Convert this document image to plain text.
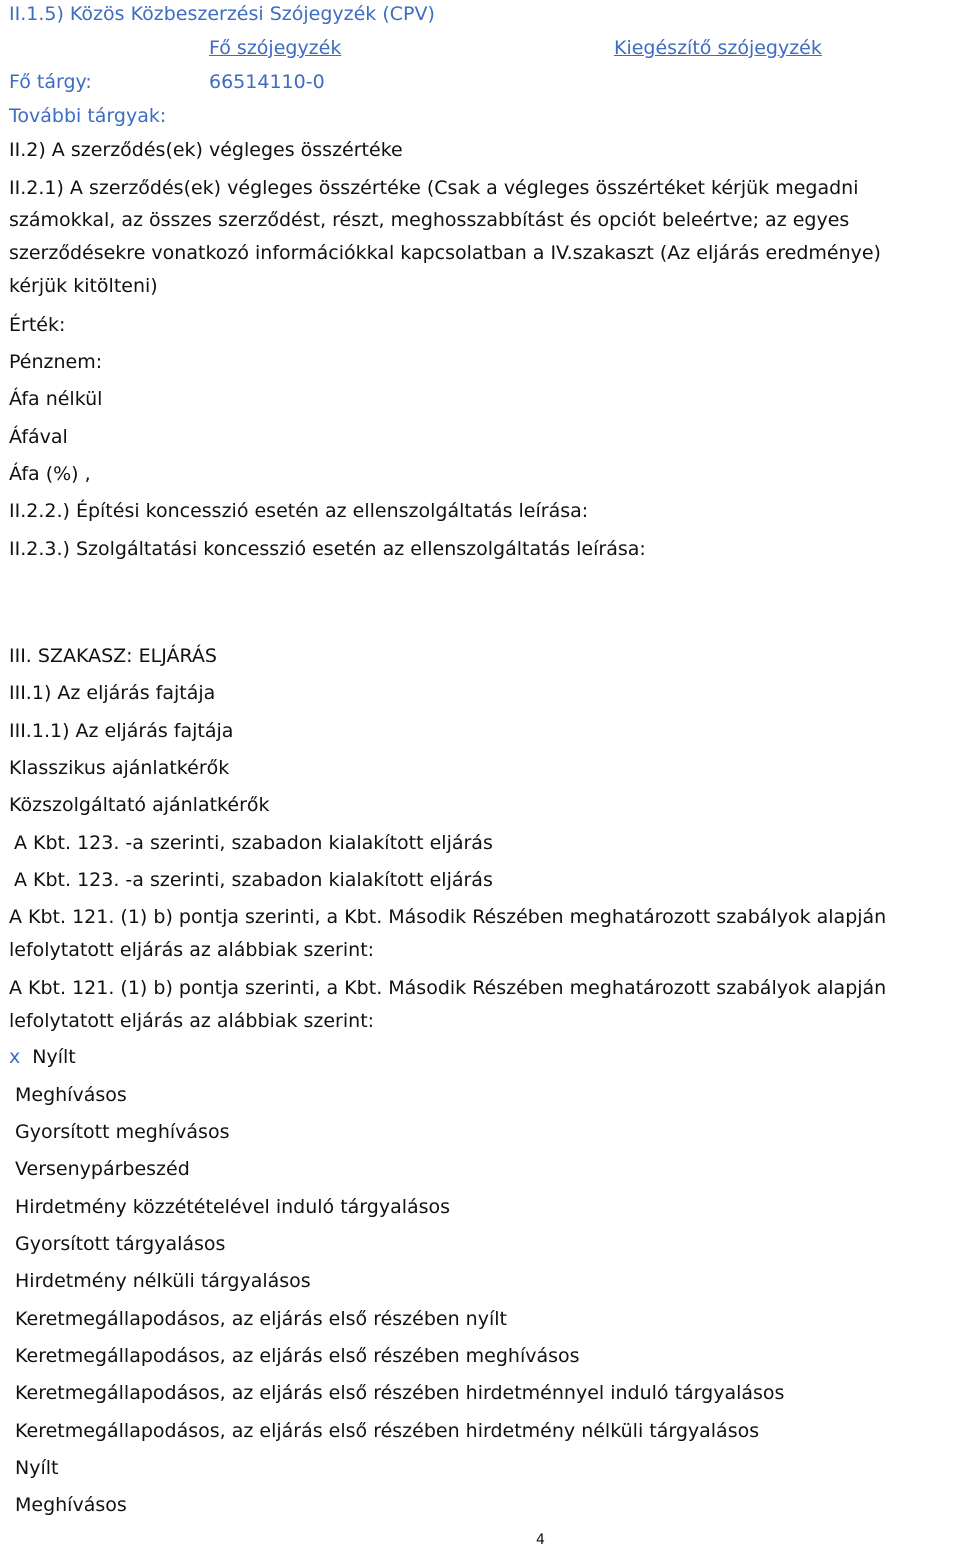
II.1.5) Közös Közbeszerzési Szójegyzék (CPV)
Fő szójegyzék	Kiegészítő szójegyzék
Fő tárgy:	66514110-0
További tárgyak:
II.2) A szerződés(ek) végleges összértéke
II.2.1) A szerződés(ek) végleges összértéke (Csak a végleges összértéket kérjük megadni
számokkal, az összes szerződést, részt, meghosszabbítást és opciót beleértve; az egyes
szerződésekre vonatkozó információkkal kapcsolatban a IV.szakaszt (Az eljárás eredménye)
kérjük kitölteni)
Érték:
Pénznem:
Áfa nélkül
Áfával
Áfa (%) ,
II.2.2.) Építési koncesszió esetén az ellenszolgáltatás leírása:
II.2.3.) Szolgáltatási koncesszió esetén az ellenszolgáltatás leírása:
III. SZAKASZ: ELJÁRÁS
III.1) Az eljárás fajtája
III.1.1) Az eljárás fajtája
Klasszikus ajánlatkérők
Közszolgáltató ajánlatkérők
A Kbt. 123. -a szerinti, szabadon kialakított eljárás
A Kbt. 123. -a szerinti, szabadon kialakított eljárás
A Kbt. 121. (1) b) pontja szerinti, a Kbt. Második Részében meghatározott szabályok alapján
lefolytatott eljárás az alábbiak szerint:
A Kbt. 121. (1) b) pontja szerinti, a Kbt. Második Részében meghatározott szabályok alapján
lefolytatott eljárás az alábbiak szerint:
x Nyílt
Meghívásos
Gyorsított meghívásos
Versenypárbeszéd
Hirdetmény közzétételével induló tárgyalásos
Gyorsított tárgyalásos
Hirdetmény nélküli tárgyalásos
Keretmegállapodásos, az eljárás első részében nyílt
Keretmegállapodásos, az eljárás első részében meghívásos
Keretmegállapodásos, az eljárás első részében hirdetménnyel induló tárgyalásos
Keretmegállapodásos, az eljárás első részében hirdetmény nélküli tárgyalásos
Nyílt
Meghívásos
4
